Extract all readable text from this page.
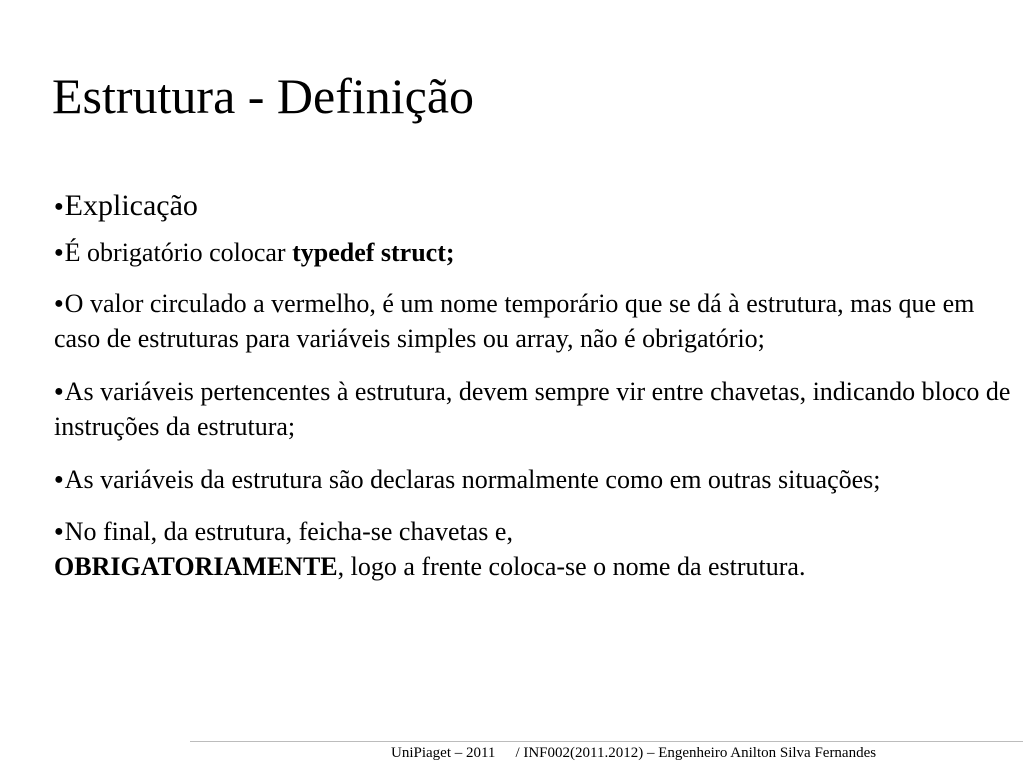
Estrutura - Definição

●Explicação

●É obrigatório colocar typedef struct;

●O valor circulado a vermelho, é um nome temporário que se dá à estrutura, mas que em caso de estruturas para variáveis simples ou array, não é obrigatório;

●As variáveis pertencentes à estrutura, devem sempre vir entre chavetas, indicando bloco de instruções da estrutura;

●As variáveis da estrutura são declaras normalmente como em outras situações;

●No final, da estrutura, feicha-se chavetas e,
OBRIGATORIAMENTE, logo a frente coloca-se o nome da estrutura.

UniPiaget – 2011 / INF002(2011.2012) – Engenheiro Anilton Silva Fernandes
